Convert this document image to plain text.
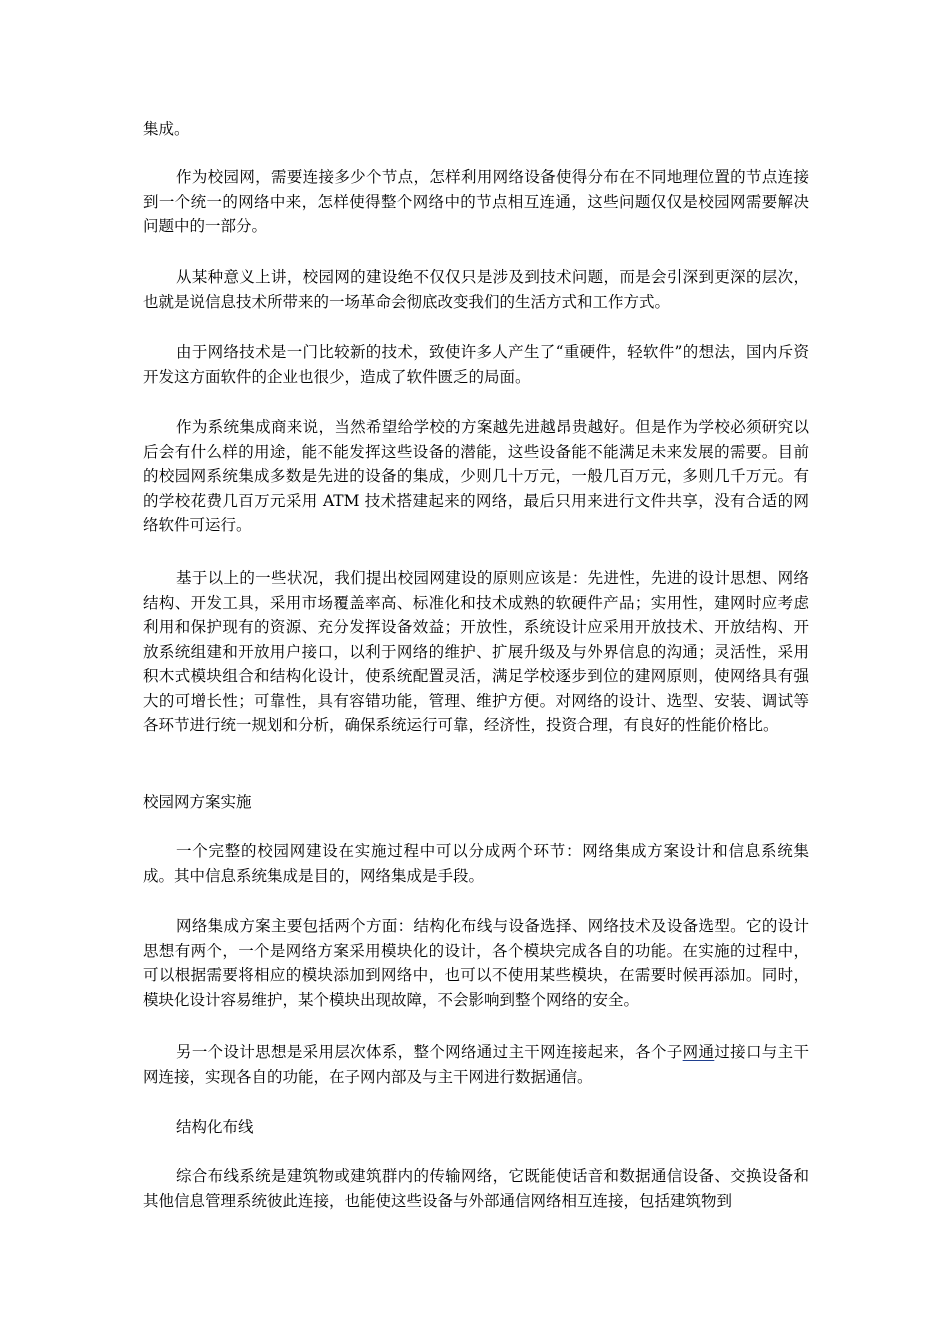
集成。

作为校园网，需要连接多少个节点，怎样利用网络设备使得分布在不同地理位置的节点连接到一个统一的网络中来，怎样使得整个网络中的节点相互连通，这些问题仅仅是校园网需要解决问题中的一部分。

从某种意义上讲，校园网的建设绝不仅仅只是涉及到技术问题，而是会引深到更深的层次，也就是说信息技术所带来的一场革命会彻底改变我们的生活方式和工作方式。

由于网络技术是一门比较新的技术，致使许多人产生了“重硬件，轻软件”的想法，国内斥资开发这方面软件的企业也很少，造成了软件匮乏的局面。

作为系统集成商来说，当然希望给学校的方案越先进越昂贵越好。但是作为学校必须研究以后会有什么样的用途，能不能发挥这些设备的潜能，这些设备能不能满足未来发展的需要。目前的校园网系统集成多数是先进的设备的集成，少则几十万元，一般几百万元，多则几千万元。有的学校花费几百万元采用 ATM 技术搭建起来的网络，最后只用来进行文件共享，没有合适的网络软件可运行。

基于以上的一些状况，我们提出校园网建设的原则应该是：先进性，先进的设计思想、网络结构、开发工具，采用市场覆盖率高、标准化和技术成熟的软硬件产品；实用性，建网时应考虑利用和保护现有的资源、充分发挥设备效益；开放性，系统设计应采用开放技术、开放结构、开放系统组建和开放用户接口，以利于网络的维护、扩展升级及与外界信息的沟通；灵活性，采用积木式模块组合和结构化设计，使系统配置灵活，满足学校逐步到位的建网原则，使网络具有强大的可增长性；可靠性，具有容错功能，管理、维护方便。对网络的设计、选型、安装、调试等各环节进行统一规划和分析，确保系统运行可靠，经济性，投资合理，有良好的性能价格比。

校园网方案实施

一个完整的校园网建设在实施过程中可以分成两个环节：网络集成方案设计和信息系统集成。其中信息系统集成是目的，网络集成是手段。

网络集成方案主要包括两个方面：结构化布线与设备选择、网络技术及设备选型。它的设计思想有两个，一个是网络方案采用模块化的设计，各个模块完成各自的功能。在实施的过程中，可以根据需要将相应的模块添加到网络中，也可以不使用某些模块，在需要时候再添加。同时，模块化设计容易维护，某个模块出现故障，不会影响到整个网络的安全。

另一个设计思想是采用层次体系，整个网络通过主干网连接起来，各个子网通过接口与主干网连接，实现各自的功能，在子网内部及与主干网进行数据通信。

结构化布线

综合布线系统是建筑物或建筑群内的传输网络，它既能使话音和数据通信设备、交换设备和其他信息管理系统彼此连接，也能使这些设备与外部通信网络相互连接，包括建筑物到
